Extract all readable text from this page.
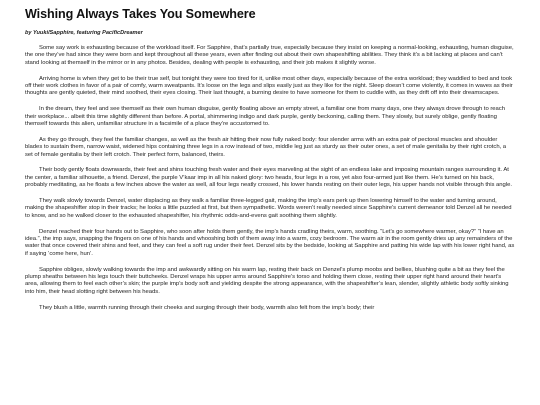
Wishing Always Takes You Somewhere

by Yuuki/Sapphire, featuring PacificDreamer

Some say work is exhausting because of the workload itself. For Sapphire, that’s partially true, especially because they insist on keeping a normal-looking, exhausting, human disguise, the one they’ve had since they were born and kept throughout all these years, even after finding out about their own shapeshifting abilities. They think it’s a bit lacking at places and can’t stand looking at themself in the mirror or in any photos. Besides, dealing with people is exhausting, and their job makes it slightly worse.

Arriving home is when they get to be their true self, but tonight they were too tired for it, unlike most other days, especially because of the extra workload; they waddled to bed and took off their work clothes in favor of a pair of comfy, warm sweatpants. It’s loose on the legs and slips easily just as they like for the night. Sleep doesn’t come violently, it comes in waves as their thoughts are gently quieted, their mind soothed, their eyes closing. Their last thought, a burning desire to have someone for them to cuddle with, as they drift off into their dreamscapes.

In the dream, they feel and see themself as their own human disguise, gently floating above an empty street, a familiar one from many days, one they always drove through to reach their workplace... albeit this time slightly different than before. A portal, shimmering indigo and dark purple, gently beckoning, calling them. They slowly, but surely oblige, gently floating themself towards this alien, unfamiliar structure in a facsimile of a place they’re accustomed to.

As they go through, they feel the familiar changes, as well as the fresh air hitting their now fully naked body: four slender arms with an extra pair of pectoral muscles and shoulder blades to sustain them, narrow waist, widened hips containing three legs in a row instead of two, middle leg just as sturdy as their outer ones, a set of male genitalia by their right crotch, a set of female genitalia by their left crotch. Their perfect form, balanced, theirs.

Their body gently floats downwards, their feet and shins touching fresh water and their eyes marveling at the sight of an endless lake and imposing mountain ranges surrounding it. At the center, a familiar silhouette, a friend. Denzel, the purple V’kaar imp in all his naked glory: two heads, four legs in a row, yet also four-armed just like them. He’s turned on his back, probably meditating, as he floats a few inches above the water as well, all four legs neatly crossed, his lower hands resting on their outer legs, his upper hands not visible through this angle.

They walk slowly towards Denzel, water displacing as they walk a familiar three-legged gait, making the imp’s ears perk up then lowering himself to the water and turning around, making the shapeshifter stop in their tracks; he looks a little puzzled at first, but then sympathetic. Words weren’t really needed since Sapphire’s current demeanor told Denzel all he needed to know, and so he walked closer to the exhausted shapeshifter, his rhythmic odds-and-evens gait soothing them slightly.

Denzel reached their four hands out to Sapphire, who soon after holds them gently, the imp’s hands cradling theirs, warm, soothing. “Let’s go somewhere warmer, okay?” “I have an idea.”, the imp says, snapping the fingers on one of his hands and whooshing both of them away into a warm, cozy bedroom. The warm air in the room gently dries up any remainders of the water that once covered their shins and feet, and they can feel a soft rug under their feet. Denzel sits by the bedside, looking at Sapphire and patting his wide lap with his lower right hand, as if saying ‘come here, hun’.

Sapphire obliges, slowly walking towards the imp and awkwardly sitting on his warm lap, resting their back on Denzel’s plump moobs and bellies, blushing quite a bit as they feel the plump sheaths between his legs touch their buttcheeks. Denzel wraps his upper arms around Sapphire’s torso and holding them close, resting their upper right hand around their heart’s area, allowing them to feel each other’s skin; the purple imp’s body soft and yielding despite the strong appearance, with the shapeshifter’s lean, slender, slightly athletic body softly sinking into him, their head slotting right between his heads.

They blush a little, warmth running through their cheeks and surging through their body, warmth also felt from the imp’s body; their
